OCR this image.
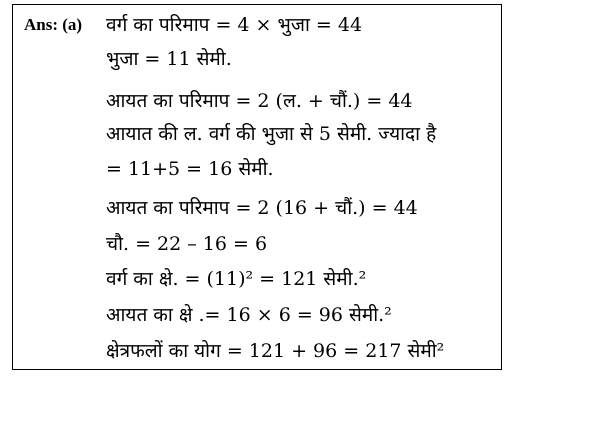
Ans: (a) वर्ग का परिमाप = 4 × भुजा = 44
भुजा = 11 सेमी.
आयत का परिमाप = 2 (ल. + चौं.) = 44
आयात की ल. वर्ग की भुजा से 5 सेमी. ज्यादा है
= 11+5 = 16 सेमी.
आयत का परिमाप = 2 (16 + चौं.) = 44
चौ. = 22 – 16 = 6
वर्ग का क्षे. = (11)² = 121 सेमी.²
आयत का क्षे .= 16 × 6 = 96 सेमी.²
क्षेत्रफलों का योग = 121 + 96 = 217 सेमी²
